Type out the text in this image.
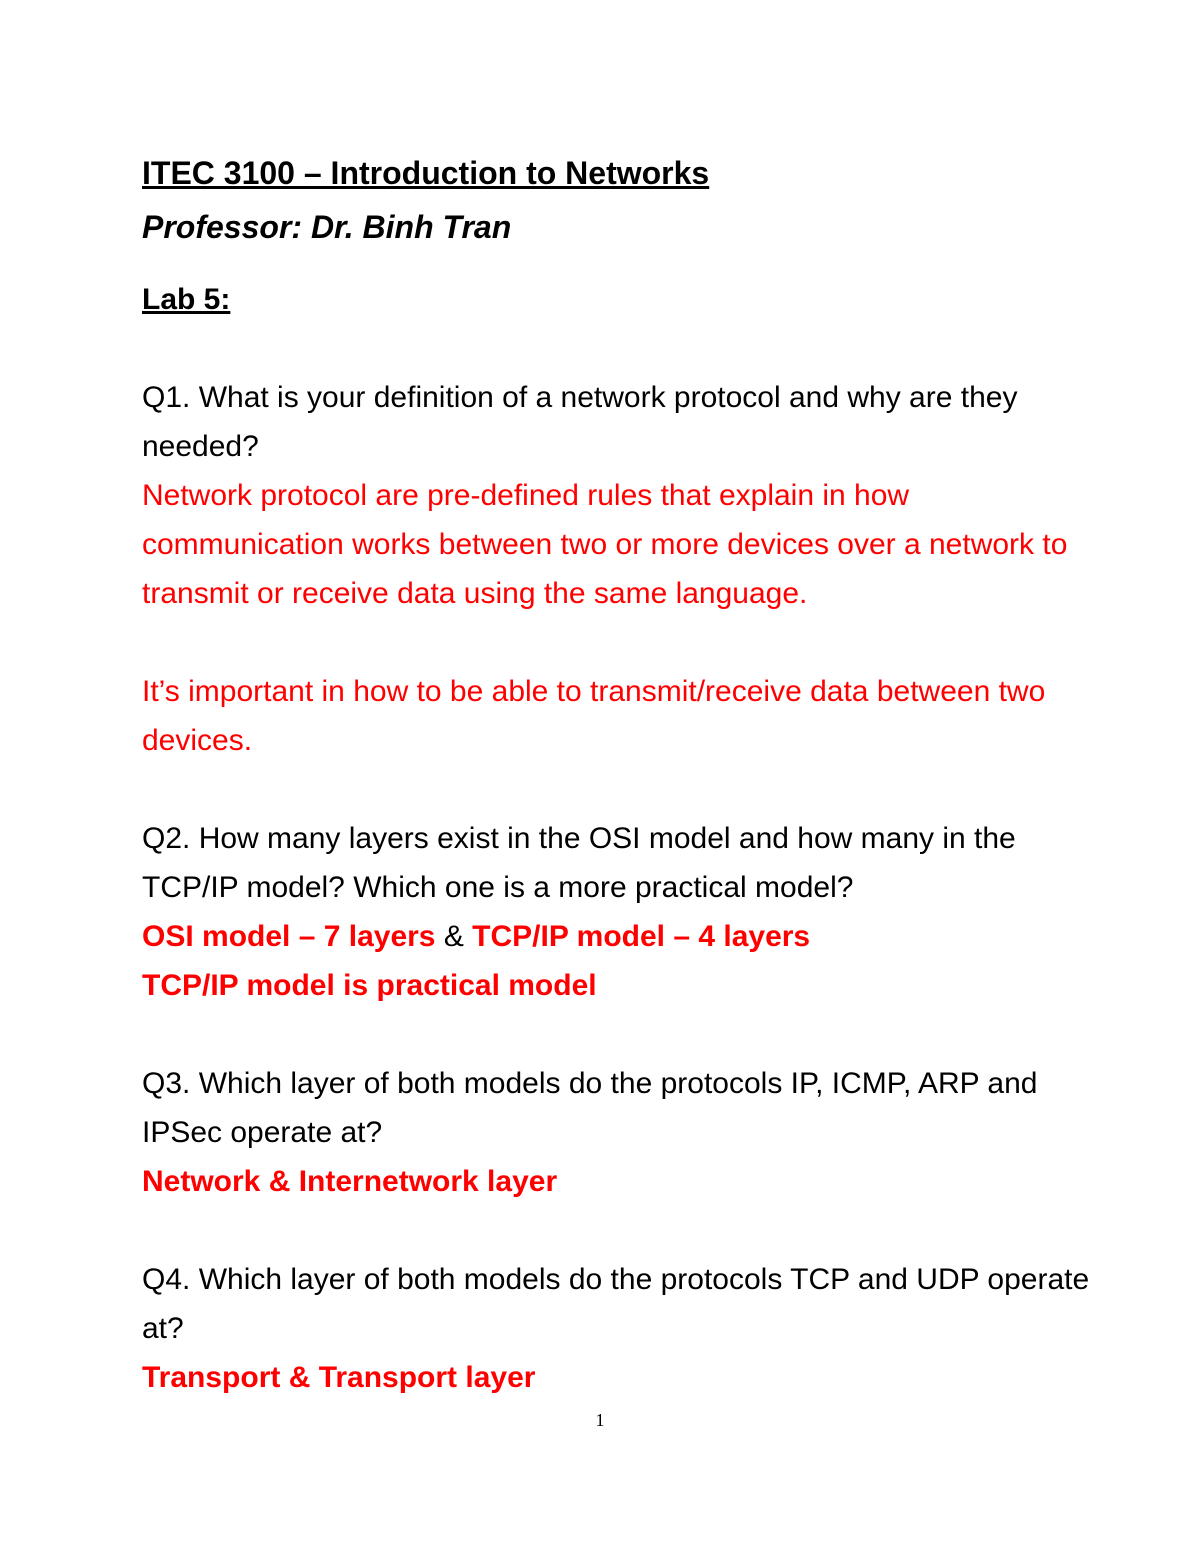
ITEC 3100 – Introduction to Networks

Professor: Dr. Binh Tran

Lab 5:

Q1. What is your definition of a network protocol and why are they needed?

Network protocol are pre-defined rules that explain in how communication works between two or more devices over a network to transmit or receive data using the same language.

It’s important in how to be able to transmit/receive data between two devices.

Q2. How many layers exist in the OSI model and how many in the TCP/IP model? Which one is a more practical model?

OSI model – 7 layers & TCP/IP model – 4 layers

TCP/IP model is practical model

Q3. Which layer of both models do the protocols IP, ICMP, ARP and IPSec operate at?

Network & Internetwork layer

Q4. Which layer of both models do the protocols TCP and UDP operate at?

Transport & Transport layer

1
